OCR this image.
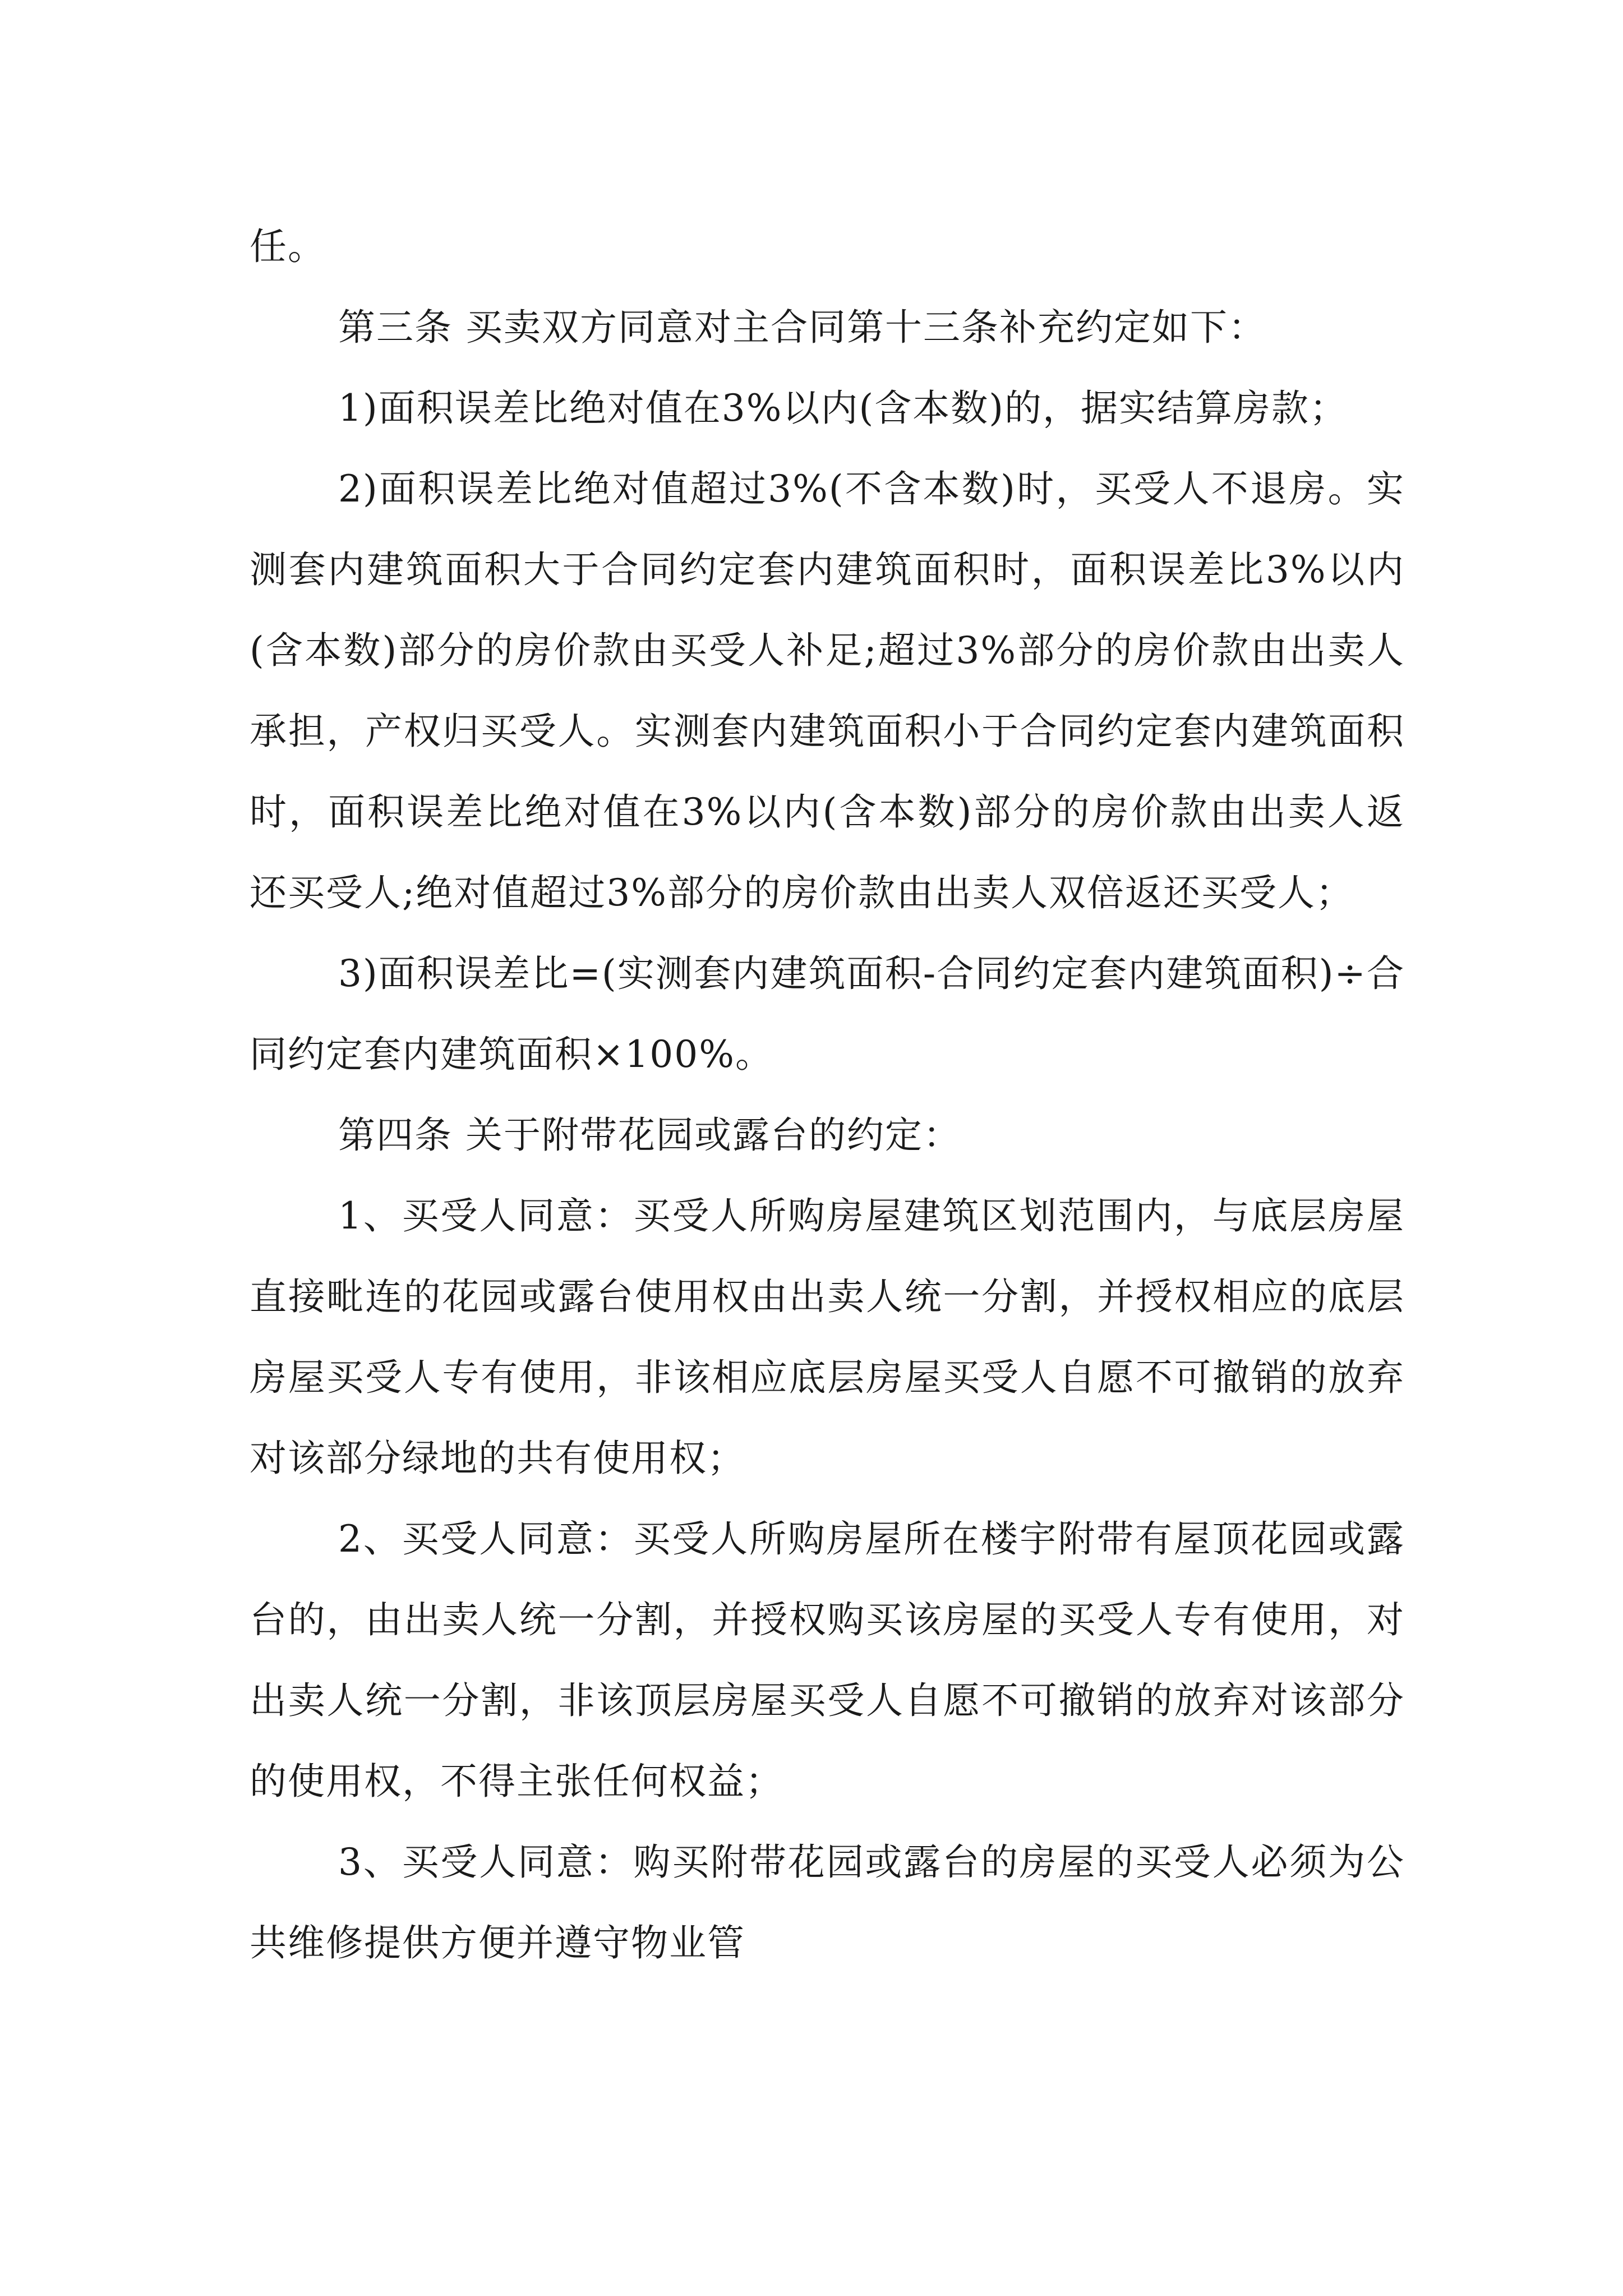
任。

第三条 买卖双方同意对主合同第十三条补充约定如下：

1)面积误差比绝对值在3%以内(含本数)的，据实结算房款；

2)面积误差比绝对值超过3%(不含本数)时，买受人不退房。实测套内建筑面积大于合同约定套内建筑面积时，面积误差比3%以内(含本数)部分的房价款由买受人补足;超过3%部分的房价款由出卖人承担，产权归买受人。实测套内建筑面积小于合同约定套内建筑面积时，面积误差比绝对值在3%以内(含本数)部分的房价款由出卖人返还买受人;绝对值超过3%部分的房价款由出卖人双倍返还买受人；

3)面积误差比=(实测套内建筑面积-合同约定套内建筑面积)÷合同约定套内建筑面积×100%。

第四条 关于附带花园或露台的约定：

1、买受人同意：买受人所购房屋建筑区划范围内，与底层房屋直接毗连的花园或露台使用权由出卖人统一分割，并授权相应的底层房屋买受人专有使用，非该相应底层房屋买受人自愿不可撤销的放弃对该部分绿地的共有使用权；

2、买受人同意：买受人所购房屋所在楼宇附带有屋顶花园或露台的，由出卖人统一分割，并授权购买该房屋的买受人专有使用，对出卖人统一分割，非该顶层房屋买受人自愿不可撤销的放弃对该部分的使用权，不得主张任何权益；

3、买受人同意：购买附带花园或露台的房屋的买受人必须为公共维修提供方便并遵守物业管
